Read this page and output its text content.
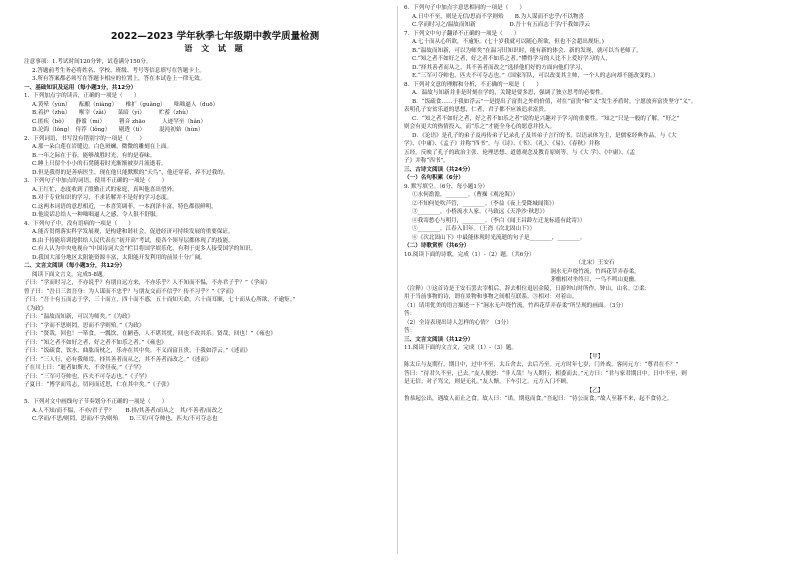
2022—2023 学年秋季七年级期中教学质量检测
语 文 试 题
注意事项：1.考试时间120分钟，试卷满分150分。
2.答题前考生务必将姓名、学校、班级、考号等信息填写在答题卡上。
3.所有答案都必须写在答题卡相应的位置上，答在本试卷上一律无效。
一、基础知识及运用（每小题3分，共12分）
1．下列加点字的读音，正确的一项是（　　）
A.黄晕（yùn）　　酝酿（niàng）　　椎扩（guǎng）　　咄咄逼人（duō）
B.着护（zhù）　　喉宰（zǎi）　　菜暗（yì）　　　贮蓄（zhù）
C.匿疾（bǒ）　　静谧（mì）　　　瞽音 zhāo　　　人迹罕至（hǎn）
D.沦海（lǒng）　侍荐（lǒng）　　剔透（tì）　　　混沌初始（hùn）
2．下列词语，书写没有错别字的一项是（　　）
A.那一朵白莲在岩缝边，白色斑斓，微微的雕刻在上面。
B.一年之际在于春，能够战胜时光，有的是春味。
C.睡上只留个小小的石凳随着时光渐渐被岁月流逝着。
D.但是我得的是善病医生，现在他只能默默的“天鸟”，他还穿着，养不过我的。
3．下列句子中加点的词语，使用不正确的一项是（　　）
A.王红忙，态度收到了殷勤正式的家庭，真叫他喜出望外。
B.对于专业知识的学习，不求甚解并不是好的学习态度。
C.这两本词语的意思相近，一本喜笑调菲，一本润泽丰富，特色都很鲜明。
D.他说话总给人一种咄咄逼人之感，令人很不舒服。
4．下列句子中，没有语病的一项是（　　）
A.能否贯彻落实科学发展观，是构建和谐社会，促进经济可持续发展的重要保证。
B.由于持能培训提供给人民代表在“初开高”考试，使各个领导层都体现了的技能。
C.有人认为中央电视台“中国诗词大会”栏目将国学娱乐化，有利于更多人接受国学的知识。
D.我国大部分地区太阳能资源丰富，太阳能开发利用的前景十分广阔。
二、文言文阅读（每小题3分，共12分）
阅读下面文言文，完成5-8题。
子曰：“学而时习之，不亦说乎？有朋自远方来，不亦乐乎？人不知而不愠，不亦君子乎？”《学而》
曾子曰：“吾日三省吾身：为人谋而不忠乎？与朋友交而不信乎？传不习乎？”《学而》
子曰：“吾十有五而志于学，三十而立，四十而不惑，五十而知天命，六十而耳顺，七十而从心所欲，不逾矩。”
《为政》
子曰：“温故而知新，可以为师矣。”《为政》
子曰：“学而不思则罔，思而不学则殆。”《为政》
子曰：“贤哉，回也！一箪食，一瓢饮，在陋巷，人不堪其忧，回也不改其乐。贤哉，回也！”《雍也》
子曰：“知之者不如好之者，好之者不如乐之者。”《雍也》
子曰：“饭疏食，饮水，曲肱而枕之，乐亦在其中矣。不义而富且贵，于我如浮云。”《述而》
子曰：“三人行，必有我师焉。择其善者而从之，其不善者而改之。”《述而》
子在川上曰：“逝者如斯夫，不舍昼夜。”《子罕》
子曰：“三军可夺帅也，匹夫不可夺志也。”《子罕》
子夏曰：“博学而笃志，切问而近思，仁在其中矣。”《子张》

5．下列对文中画线句子节奏划分不正确的一项是（　　）
A.人不知/而不愠，不亦/君子乎？　　B.择/其善者/而从之　其/不善者/而改之
C.学而/不思/则罔，思而/不学/则殆　　D.三军/可夺帅也，匹夫/不可夺志也
6．下列句子中加点字意思相同的一项是（　　）
A.日中不至，则是无信/思而不学则殆　　B.为人谋而不忠乎/不以物喜
C.学而时习之/温故而知新　　　　　　D.吾十有五而志于学/于我如浮云
7．下列文中句子翻译不正确的一项是（　　）
A.七十而从心所欲，不逾矩。(七十岁我就可以随心所欲，但也不会超出规矩。)
B.“温故而知新，可以为师矣”在温习旧知识时，能有新的体会、新的发现，就可以当老师了。
C.“知之者不如好之者，好之者不如乐之者。”懂得学习的人比不上爱好学习的人，
D.“择其善者而从之，其不善者而改之”选择他们好的方面向他们学习，
E.“三军可夺帅也，匹夫不可夺志也。”（国家军队，可以改变其主帅，一个人的志向却不能改变的。）
8．下列对文意的理解和分析，不正确的一项是（　　）
A．温故与知新并非是时刻在学的，关键是要多思，强调了独立思考的必要性。
B．“饭疏食……于我如浮云”一是提出了富贵之外的价值，对在“富贵”和“义”发生矛盾时，宁愿放弃富贵坚守“义”。
表明孔子安贫乐道的思想，仁者，君子都不应该追求富贵。
C．“知之者不如好之者，好之者不如乐之者”说的是兴趣对于学习的重要性。“知之”只是一般的了解，“好之”
则会有更大的热情投入，而“乐之”才能全身心的愿意并投入。
D．《论语》是孔子的弟子及再传弟子记录孔子及其弟子言行的书，以语录体为主，是儒家经典作品。与《大
学》、《中庸》、《孟子》并称“四书”。与《诗》、《书》、《礼》、《易》、《春秋》并称
五经。反映了孔子的政治主张、伦理思想、道德观念及教育原则等。与《大 学》、《中庸》、《孟
子》并称“四书”。
三、古诗文阅读（共24分）
（一）名句积累（6分）
9. 默写填空。（6分，每小题1分）
①水何澹澹，________。（曹操《观沧海》）
②不知何处吹芦管，________。（李益《夜上受降城闻笛》）
③________，小桥流水人家。（马致远《天净沙·秋思》）
④我寄愁心与明月，________。（李白《闻王昌龄左迁龙标遥有此寄》）
⑤________，江春入旧年。（王湾《次北固山下》）
⑥《次北固山下》中最能体现时光流逝的句子是________，________。
（二）诗歌赏析（共6分）
10.阅读下面的诗歌，完成（1）-（2）题。（共6分）
（北宋）王安石
涧水无声绕竹流，竹西花草弄春柔。
茅檐相对坐终日，一鸟不鸣山更幽。
（注释）①这首诗是王安石罢去宰相后，辞去相位退居金陵，日游钟山时所作。钟山，山名。②柔：
用于当前事物的诗，谓在景物和事物之间相互联系。③相对：对着山。
（1）请用优美的语言描述一下“涧水无声绕竹流，竹西花草弄春柔”所呈现的画面。（3分）
答：
（2）全诗表现出诗人怎样的心情？（3分）
答：
三、文言文阅读（共12分）
11.阅读下面的文言文，完成（1）-（3）题。
【甲】
陈太丘与友期行，期日中，过中不至，太丘舍去，去后乃至。元方时年七岁，门外戏。客问元方：“尊君在不？”
答曰：“待君久不至，已去。”友人便怒：“非人哉！与人期行，相委而去。”元方曰：“君与家君期日中。日中不至，则
是无信；对子骂父，则是无礼。”友人惭，下车引之。元方入门不顾。
【乙】
鲁恭起公出，遇故人而止之食。故人曰：“诺，期返而食。”吾起曰：“待公而食。”故人至暮不来，起不食待之。
